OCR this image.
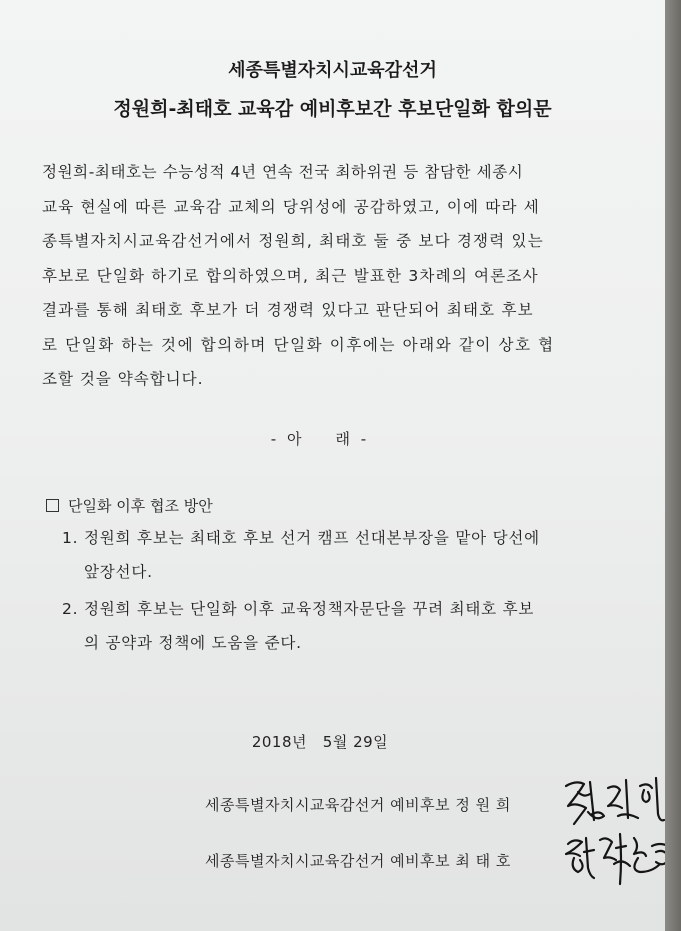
세종특별자치시교육감선거
정원희-최태호 교육감 예비후보간 후보단일화 합의문
정원희-최태호는 수능성적 4년 연속 전국 최하위권 등 참담한 세종시
교육 현실에 따른 교육감 교체의 당위성에 공감하였고, 이에 따라 세
종특별자치시교육감선거에서 정원희, 최태호 둘 중 보다 경쟁력 있는
후보로 단일화 하기로 합의하였으며, 최근 발표한 3차례의 여론조사
결과를 통해 최태호 후보가 더 경쟁력 있다고 판단되어 최태호 후보
로 단일화 하는 것에 합의하며 단일화 이후에는 아래와 같이 상호 협
조할 것을 약속합니다.
- 아    래 -
단일화 이후 협조 방안
1. 정원희 후보는 최태호 후보 선거 캠프 선대본부장을 맡아 당선에
앞장선다.
2. 정원희 후보는 단일화 이후 교육정책자문단을 꾸려 최태호 후보
의 공약과 정책에 도움을 준다.
2018년   5월 29일
세종특별자치시교육감선거 예비후보 정 원 희
세종특별자치시교육감선거 예비후보 최 태 호
